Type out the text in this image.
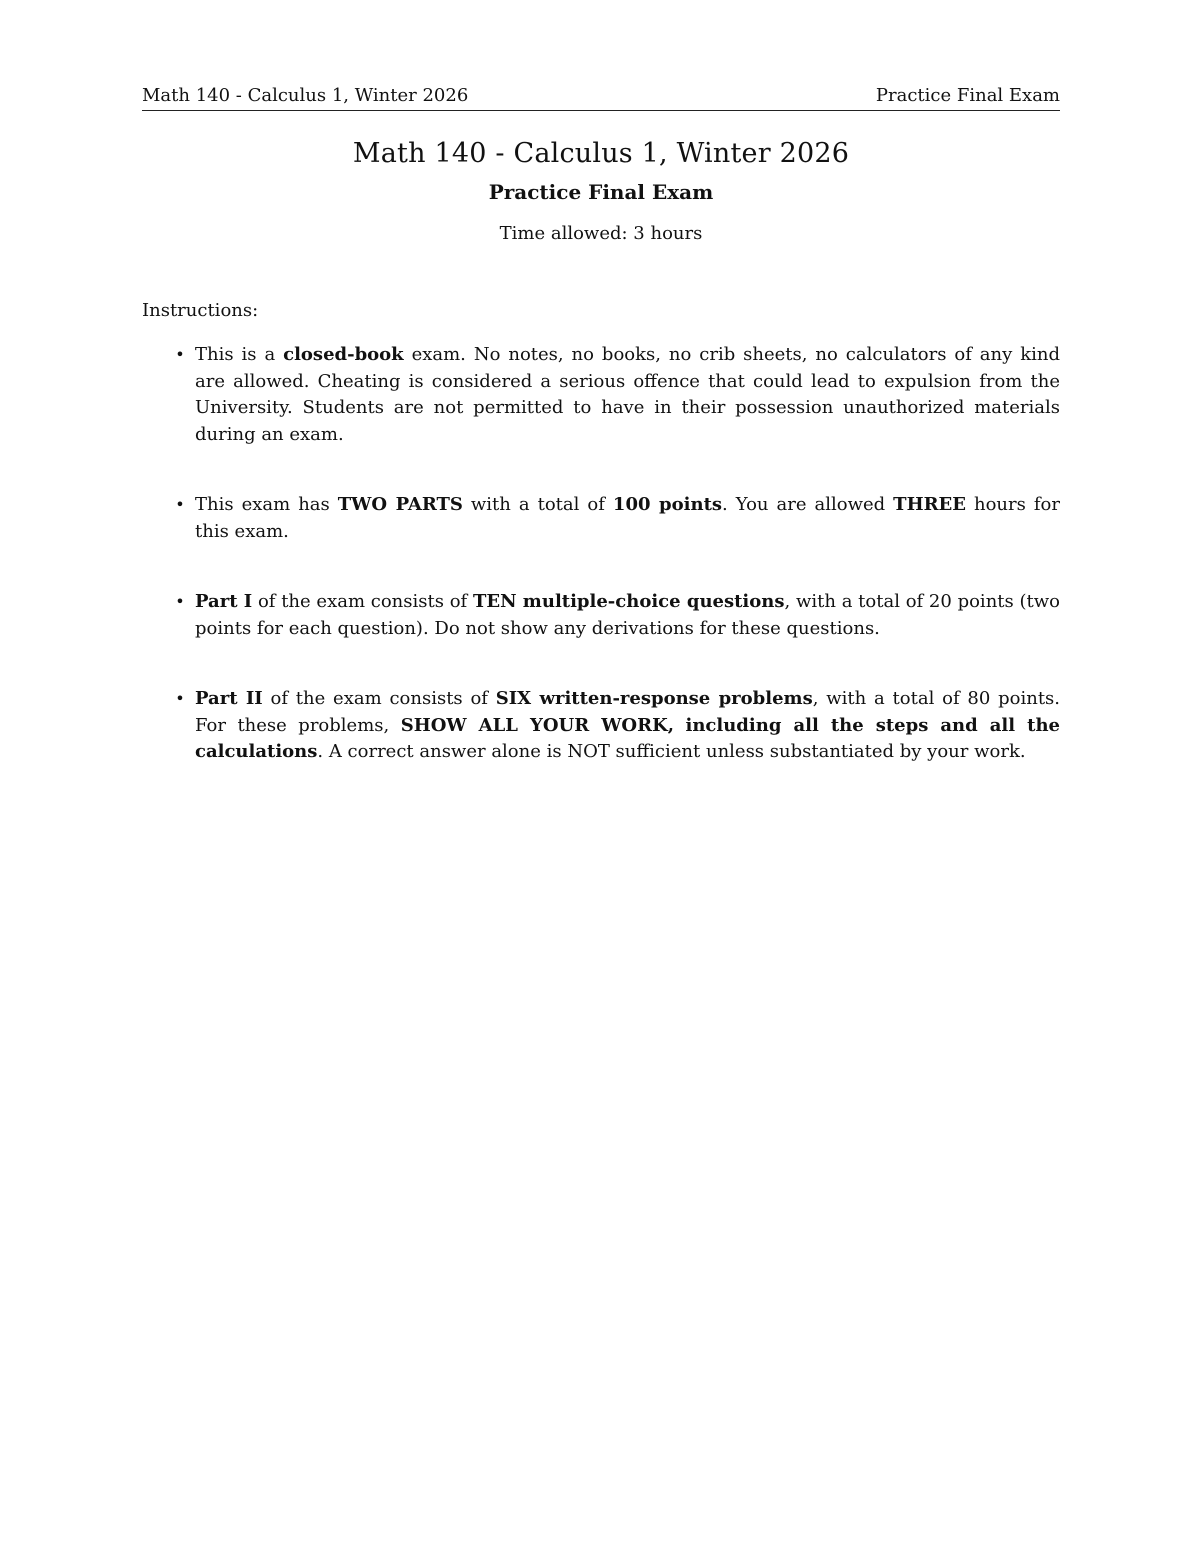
Math 140 - Calculus 1, Winter 2026	Practice Final Exam
Math 140 - Calculus 1, Winter 2026
Practice Final Exam
Time allowed: 3 hours
Instructions:
• This is a closed-book exam. No notes, no books, no crib sheets, no calculators of any kind are allowed. Cheating is considered a serious offence that could lead to expulsion from the University. Students are not permitted to have in their possession unauthorized materials during an exam.
• This exam has TWO PARTS with a total of 100 points. You are allowed THREE hours for this exam.
• Part I of the exam consists of TEN multiple-choice questions, with a total of 20 points (two points for each question). Do not show any derivations for these questions.
• Part II of the exam consists of SIX written-response problems, with a total of 80 points. For these problems, SHOW ALL YOUR WORK, including all the steps and all the calculations. A correct answer alone is NOT sufficient unless substantiated by your work.
